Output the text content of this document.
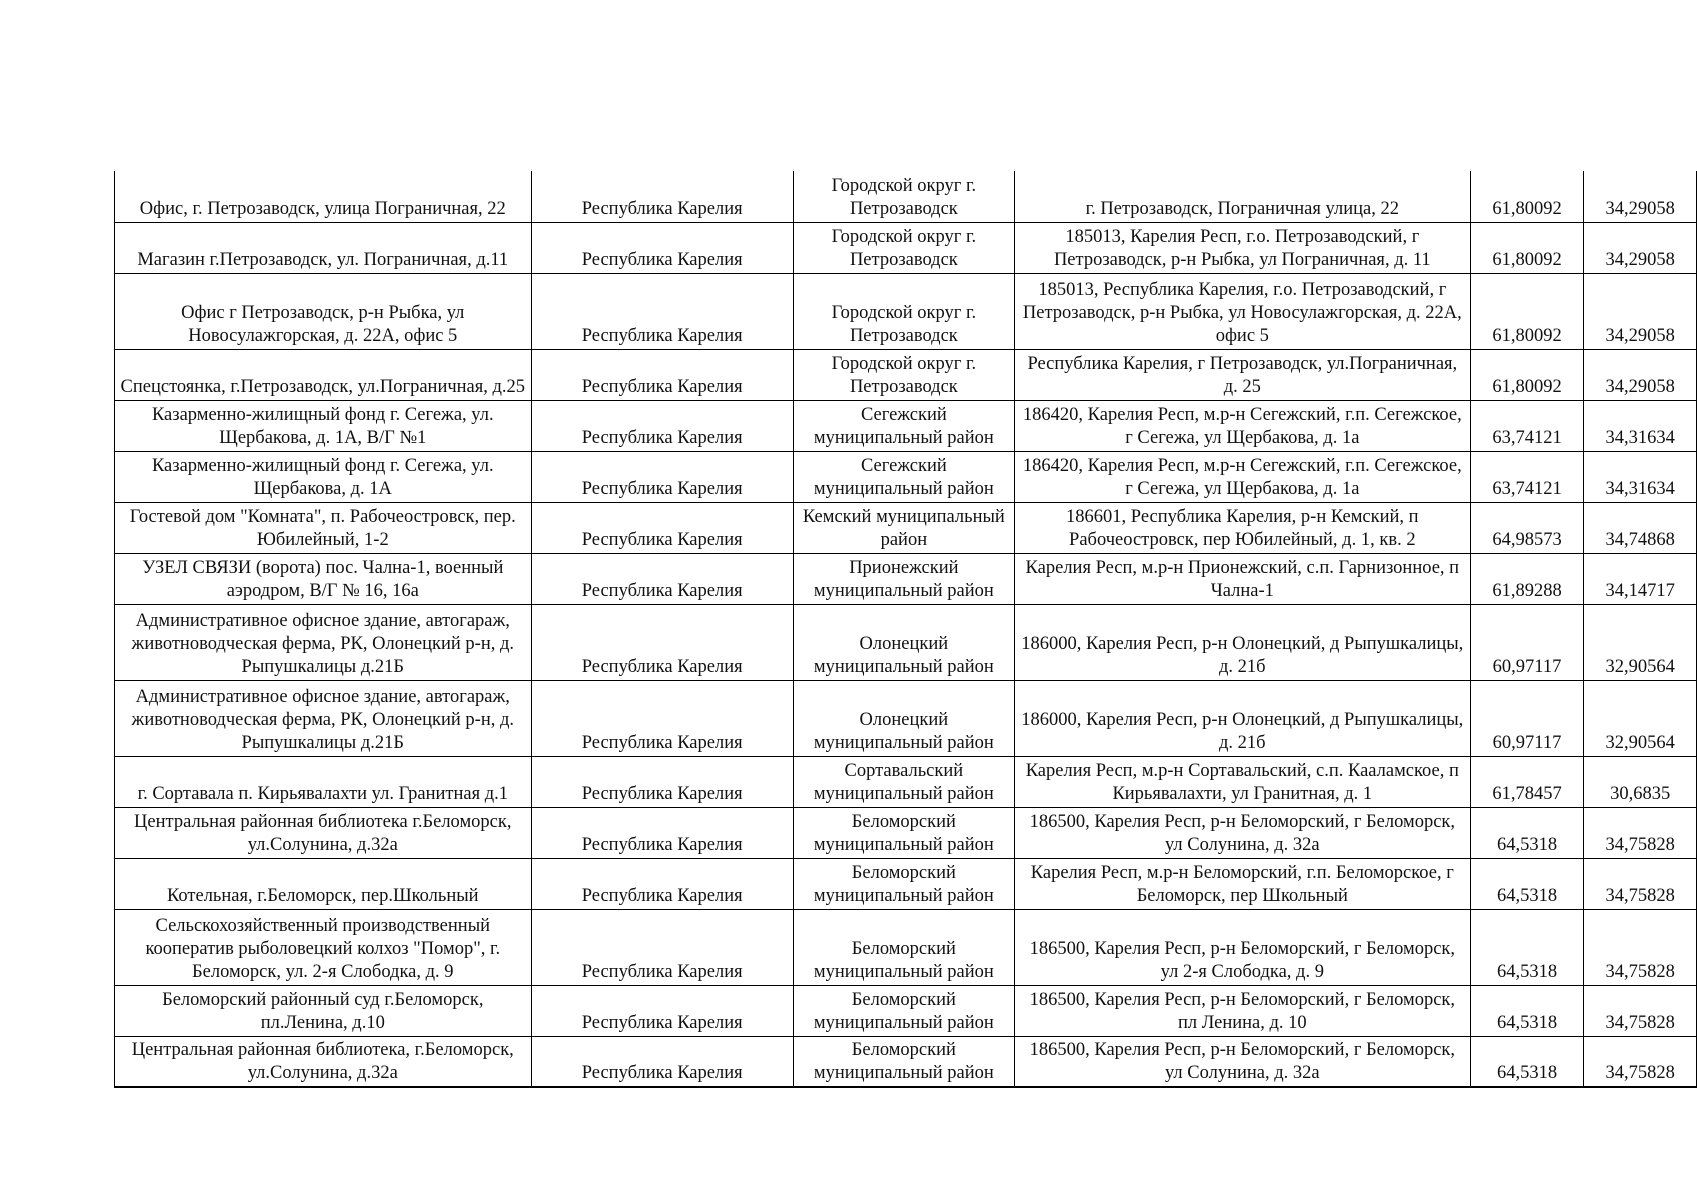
Офис, г. Петрозаводск, улица Пограничная, 22	Республика Карелия	Городской округ г. Петрозаводск	г. Петрозаводск, Пограничная улица, 22	61,80092	34,29058

Магазин г.Петрозаводск, ул. Пограничная, д.11	Республика Карелия	Городской округ г. Петрозаводск	185013, Карелия Респ, г.о. Петрозаводский, г Петрозаводск, р-н Рыбка, ул Пограничная, д. 11	61,80092	34,29058

Офис г Петрозаводск, р-н Рыбка, ул Новосулажгорская, д. 22А, офис 5	Республика Карелия	Городской округ г. Петрозаводск	185013, Республика Карелия, г.о. Петрозаводский, г Петрозаводск, р-н Рыбка, ул Новосулажгорская, д. 22А, офис 5	61,80092	34,29058

Спецстоянка, г.Петрозаводск, ул.Пограничная, д.25	Республика Карелия	Городской округ г. Петрозаводск	Республика Карелия, г Петрозаводск, ул.Пограничная, д. 25	61,80092	34,29058

Казарменно-жилищный фонд г. Сегежа, ул. Щербакова, д. 1А, В/Г №1	Республика Карелия	Сегежский муниципальный район	186420, Карелия Респ, м.р-н Сегежский, г.п. Сегежское, г Сегежа, ул Щербакова, д. 1а	63,74121	34,31634

Казарменно-жилищный фонд г. Сегежа, ул. Щербакова, д. 1А	Республика Карелия	Сегежский муниципальный район	186420, Карелия Респ, м.р-н Сегежский, г.п. Сегежское, г Сегежа, ул Щербакова, д. 1а	63,74121	34,31634

Гостевой дом "Комната", п. Рабочеостровск, пер. Юбилейный, 1-2	Республика Карелия	Кемский муниципальный район	186601, Республика Карелия, р-н Кемский, п Рабочеостровск, пер Юбилейный, д. 1, кв. 2	64,98573	34,74868

УЗЕЛ СВЯЗИ (ворота) пос. Чална-1, военный аэродром, В/Г № 16, 16а	Республика Карелия	Прионежский муниципальный район	Карелия Респ, м.р-н Прионежский, с.п. Гарнизонное, п Чална-1	61,89288	34,14717

Административное офисное здание, автогараж, животноводческая ферма, РК, Олонецкий р-н, д. Рыпушкалицы д.21Б	Республика Карелия	Олонецкий муниципальный район	186000, Карелия Респ, р-н Олонецкий, д Рыпушкалицы, д. 21б	60,97117	32,90564

Административное офисное здание, автогараж, животноводческая ферма, РК, Олонецкий р-н, д. Рыпушкалицы д.21Б	Республика Карелия	Олонецкий муниципальный район	186000, Карелия Респ, р-н Олонецкий, д Рыпушкалицы, д. 21б	60,97117	32,90564

г. Сортавала п. Кирьявалахти ул. Гранитная д.1	Республика Карелия	Сортавальский муниципальный район	Карелия Респ, м.р-н Сортавальский, с.п. Кааламское, п Кирьявалахти, ул Гранитная, д. 1	61,78457	30,6835

Центральная районная библиотека г.Беломорск, ул.Солунина, д.32а	Республика Карелия	Беломорский муниципальный район	186500, Карелия Респ, р-н Беломорский, г Беломорск, ул Солунина, д. 32а	64,5318	34,75828

Котельная, г.Беломорск, пер.Школьный	Республика Карелия	Беломорский муниципальный район	Карелия Респ, м.р-н Беломорский, г.п. Беломорское, г Беломорск, пер Школьный	64,5318	34,75828

Сельскохозяйственный производственный кооператив рыболовецкий колхоз "Помор", г. Беломорск, ул. 2-я Слободка, д. 9	Республика Карелия	Беломорский муниципальный район	186500, Карелия Респ, р-н Беломорский, г Беломорск, ул 2-я Слободка, д. 9	64,5318	34,75828

Беломорский районный суд г.Беломорск, пл.Ленина, д.10	Республика Карелия	Беломорский муниципальный район	186500, Карелия Респ, р-н Беломорский, г Беломорск, пл Ленина, д. 10	64,5318	34,75828

Центральная районная библиотека, г.Беломорск, ул.Солунина, д.32а	Республика Карелия	Беломорский муниципальный район	186500, Карелия Респ, р-н Беломорский, г Беломорск, ул Солунина, д. 32а	64,5318	34,75828
